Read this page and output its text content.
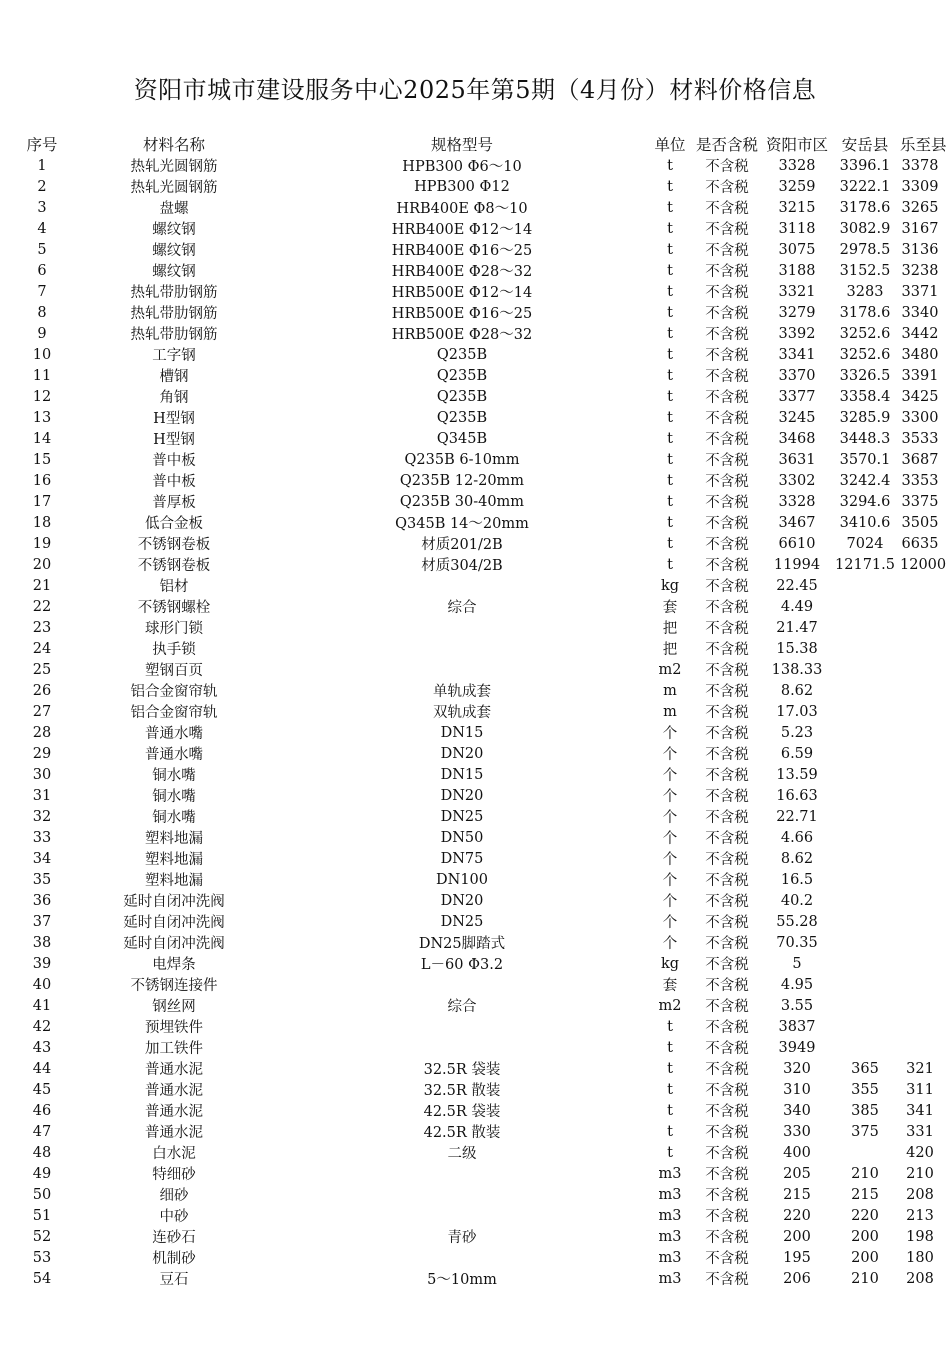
资阳市城市建设服务中心2025年第5期（4月份）材料价格信息
序号	材料名称	规格型号	单位	是否含税	资阳市区	安岳县	乐至县
1	热轧光圆钢筋	HPB300 Φ6～10	t	不含税	3328	3396.1	3378
2	热轧光圆钢筋	HPB300 Φ12	t	不含税	3259	3222.1	3309
3	盘螺	HRB400E Φ8～10	t	不含税	3215	3178.6	3265
4	螺纹钢	HRB400E Φ12～14	t	不含税	3118	3082.9	3167
5	螺纹钢	HRB400E Φ16～25	t	不含税	3075	2978.5	3136
6	螺纹钢	HRB400E Φ28～32	t	不含税	3188	3152.5	3238
7	热轧带肋钢筋	HRB500E Φ12～14	t	不含税	3321	3283	3371
8	热轧带肋钢筋	HRB500E Φ16～25	t	不含税	3279	3178.6	3340
9	热轧带肋钢筋	HRB500E Φ28～32	t	不含税	3392	3252.6	3442
10	工字钢	Q235B	t	不含税	3341	3252.6	3480
11	槽钢	Q235B	t	不含税	3370	3326.5	3391
12	角钢	Q235B	t	不含税	3377	3358.4	3425
13	H型钢	Q235B	t	不含税	3245	3285.9	3300
14	H型钢	Q345B	t	不含税	3468	3448.3	3533
15	普中板	Q235B 6-10mm	t	不含税	3631	3570.1	3687
16	普中板	Q235B 12-20mm	t	不含税	3302	3242.4	3353
17	普厚板	Q235B 30-40mm	t	不含税	3328	3294.6	3375
18	低合金板	Q345B 14～20mm	t	不含税	3467	3410.6	3505
19	不锈钢卷板	材质201/2B	t	不含税	6610	7024	6635
20	不锈钢卷板	材质304/2B	t	不含税	11994	12171.5	12000
21	铝材		kg	不含税	22.45		
22	不锈钢螺栓	综合	套	不含税	4.49		
23	球形门锁		把	不含税	21.47		
24	执手锁		把	不含税	15.38		
25	塑钢百页		m2	不含税	138.33		
26	铝合金窗帘轨	单轨成套	m	不含税	8.62		
27	铝合金窗帘轨	双轨成套	m	不含税	17.03		
28	普通水嘴	DN15	个	不含税	5.23		
29	普通水嘴	DN20	个	不含税	6.59		
30	铜水嘴	DN15	个	不含税	13.59		
31	铜水嘴	DN20	个	不含税	16.63		
32	铜水嘴	DN25	个	不含税	22.71		
33	塑料地漏	DN50	个	不含税	4.66		
34	塑料地漏	DN75	个	不含税	8.62		
35	塑料地漏	DN100	个	不含税	16.5		
36	延时自闭冲洗阀	DN20	个	不含税	40.2		
37	延时自闭冲洗阀	DN25	个	不含税	55.28		
38	延时自闭冲洗阀	DN25脚踏式	个	不含税	70.35		
39	电焊条	L－60 Φ3.2	kg	不含税	5		
40	不锈钢连接件		套	不含税	4.95		
41	钢丝网	综合	m2	不含税	3.55		
42	预埋铁件		t	不含税	3837		
43	加工铁件		t	不含税	3949		
44	普通水泥	32.5R 袋装	t	不含税	320	365	321
45	普通水泥	32.5R 散装	t	不含税	310	355	311
46	普通水泥	42.5R 袋装	t	不含税	340	385	341
47	普通水泥	42.5R 散装	t	不含税	330	375	331
48	白水泥	二级	t	不含税	400		420
49	特细砂		m3	不含税	205	210	210
50	细砂		m3	不含税	215	215	208
51	中砂		m3	不含税	220	220	213
52	连砂石	青砂	m3	不含税	200	200	198
53	机制砂		m3	不含税	195	200	180
54	豆石	5～10mm	m3	不含税	206	210	208
